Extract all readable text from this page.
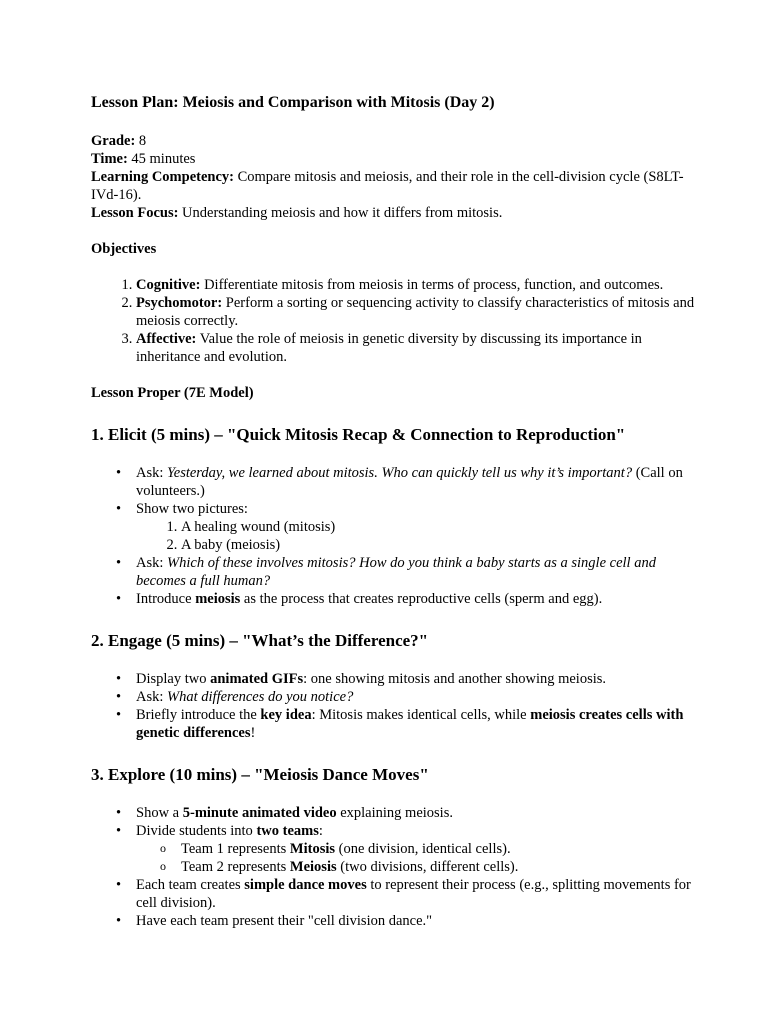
Lesson Plan: Meiosis and Comparison with Mitosis (Day 2)

Grade: 8

Time: 45 minutes

Learning Competency: Compare mitosis and meiosis, and their role in the cell-division cycle (S8LT-IVd-16).

Lesson Focus: Understanding meiosis and how it differs from mitosis.

Objectives
1. Cognitive: Differentiate mitosis from meiosis in terms of process, function, and outcomes.
2. Psychomotor: Perform a sorting or sequencing activity to classify characteristics of mitosis and meiosis correctly.
3. Affective: Value the role of meiosis in genetic diversity by discussing its importance in inheritance and evolution.
Lesson Proper (7E Model)
1. Elicit (5 mins) – "Quick Mitosis Recap & Connection to Reproduction"
• Ask: Yesterday, we learned about mitosis. Who can quickly tell us why it’s important? (Call on volunteers.)
• Show two pictures:
1. A healing wound (mitosis)
2. A baby (meiosis)
• Ask: Which of these involves mitosis? How do you think a baby starts as a single cell and becomes a full human?
• Introduce meiosis as the process that creates reproductive cells (sperm and egg).
2. Engage (5 mins) – "What’s the Difference?"
• Display two animated GIFs: one showing mitosis and another showing meiosis.
• Ask: What differences do you notice?
• Briefly introduce the key idea: Mitosis makes identical cells, while meiosis creates cells with genetic differences!
3. Explore (10 mins) – "Meiosis Dance Moves"
• Show a 5-minute animated video explaining meiosis.
• Divide students into two teams:
o Team 1 represents Mitosis (one division, identical cells).
o Team 2 represents Meiosis (two divisions, different cells).
• Each team creates simple dance moves to represent their process (e.g., splitting movements for cell division).
• Have each team present their "cell division dance."
